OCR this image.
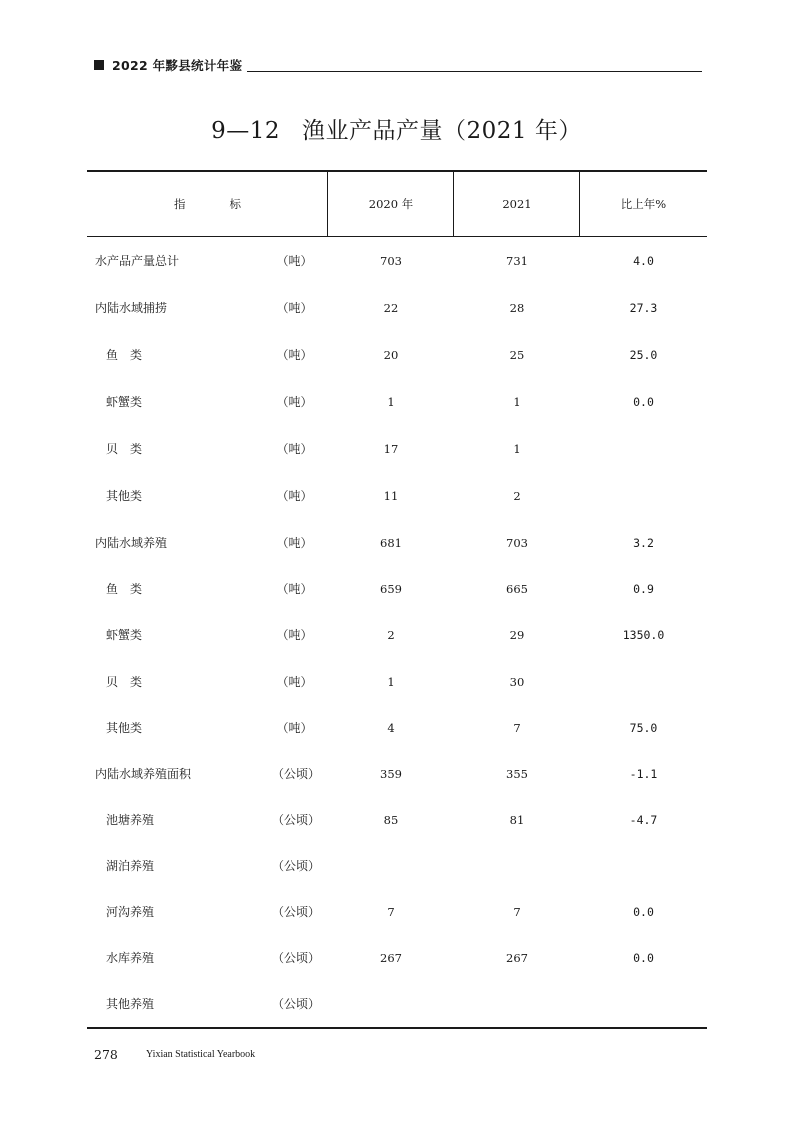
2022 年黟县统计年鉴
9—12 渔业产品产量（2021 年）
指标	2020 年	2021	比上年%
水产品产量总计	（吨）	703	731	4.0
内陆水域捕捞	（吨）	22	28	27.3
鱼类	（吨）	20	25	25.0
虾蟹类	（吨）	1	1	0.0
贝类	（吨）	17	1
其他类	（吨）	11	2
内陆水域养殖	（吨）	681	703	3.2
鱼类	（吨）	659	665	0.9
虾蟹类	（吨）	2	29	1350.0
贝类	（吨）	1	30
其他类	（吨）	4	7	75.0
内陆水域养殖面积	（公顷）	359	355	-1.1
池塘养殖	（公顷）	85	81	-4.7
湖泊养殖	（公顷）
河沟养殖	（公顷）	7	7	0.0
水库养殖	（公顷）	267	267	0.0
其他养殖	（公顷）
278	Yixian Statistical Yearbook
